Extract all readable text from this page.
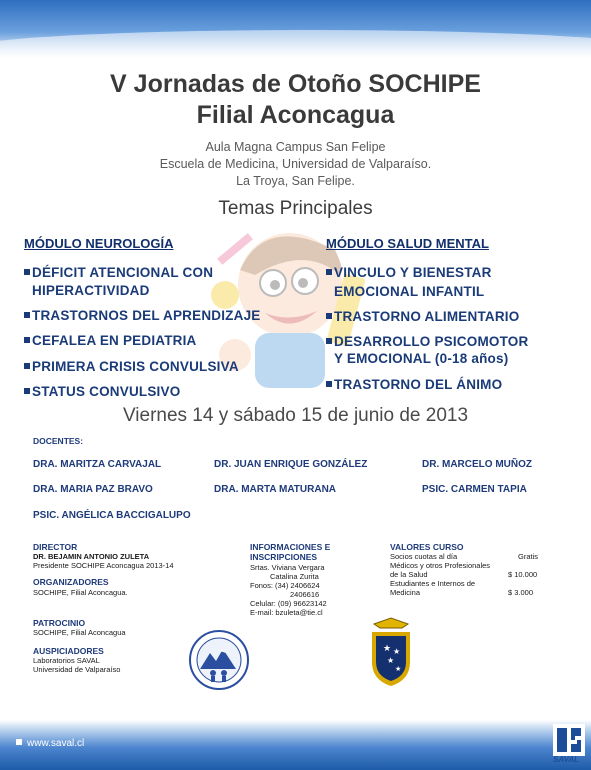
V Jornadas de Otoño SOCHIPE
Filial Aconcagua
Aula Magna Campus San Felipe
Escuela de Medicina, Universidad de Valparaíso.
La Troya, San Felipe.
Temas Principales
MÓDULO NEUROLOGÍA	MÓDULO SALUD MENTAL
DÉFICIT ATENCIONAL CON
HIPERACTIVIDAD
TRASTORNOS DEL APRENDIZAJE
CEFALEA EN PEDIATRIA
PRIMERA CRISIS CONVULSIVA
STATUS CONVULSIVO
VINCULO Y BIENESTAR
EMOCIONAL INFANTIL
TRASTORNO ALIMENTARIO
DESARROLLO PSICOMOTOR
Y EMOCIONAL (0-18 años)
TRASTORNO DEL ÁNIMO
Viernes 14 y sábado 15 de junio de 2013
DOCENTES:
DRA. MARITZA CARVAJAL	DR. JUAN ENRIQUE GONZÁLEZ	DR. MARCELO MUÑOZ
DRA. MARIA PAZ BRAVO	DRA. MARTA MATURANA	PSIC. CARMEN TAPIA
PSIC. ANGÉLICA BACCIGALUPO
DIRECTOR
DR. BEJAMIN ANTONIO ZULETA
Presidente SOCHIPE Aconcagua 2013-14
ORGANIZADORES
SOCHIPE, Filial Aconcagua.
PATROCINIO
SOCHIPE, Filial Aconcagua
AUSPICIADORES
Laboratorios SAVAL
Universidad de Valparaíso
INFORMACIONES E
INSCRIPCIONES
Srtas. Viviana Vergara
Catalina Zurita
Fonos: (34) 2406624
2406616
Celular: (09) 96623142
E-mail: bzuleta@tie.cl
VALORES CURSO
Socios cuotas al día	Gratis
Médicos y otros Profesionales
de la Salud	$ 10.000
Estudiantes e Internos de
Medicina	$ 3.000
★ ★
★
★
www.saval.cl
SAVAL
